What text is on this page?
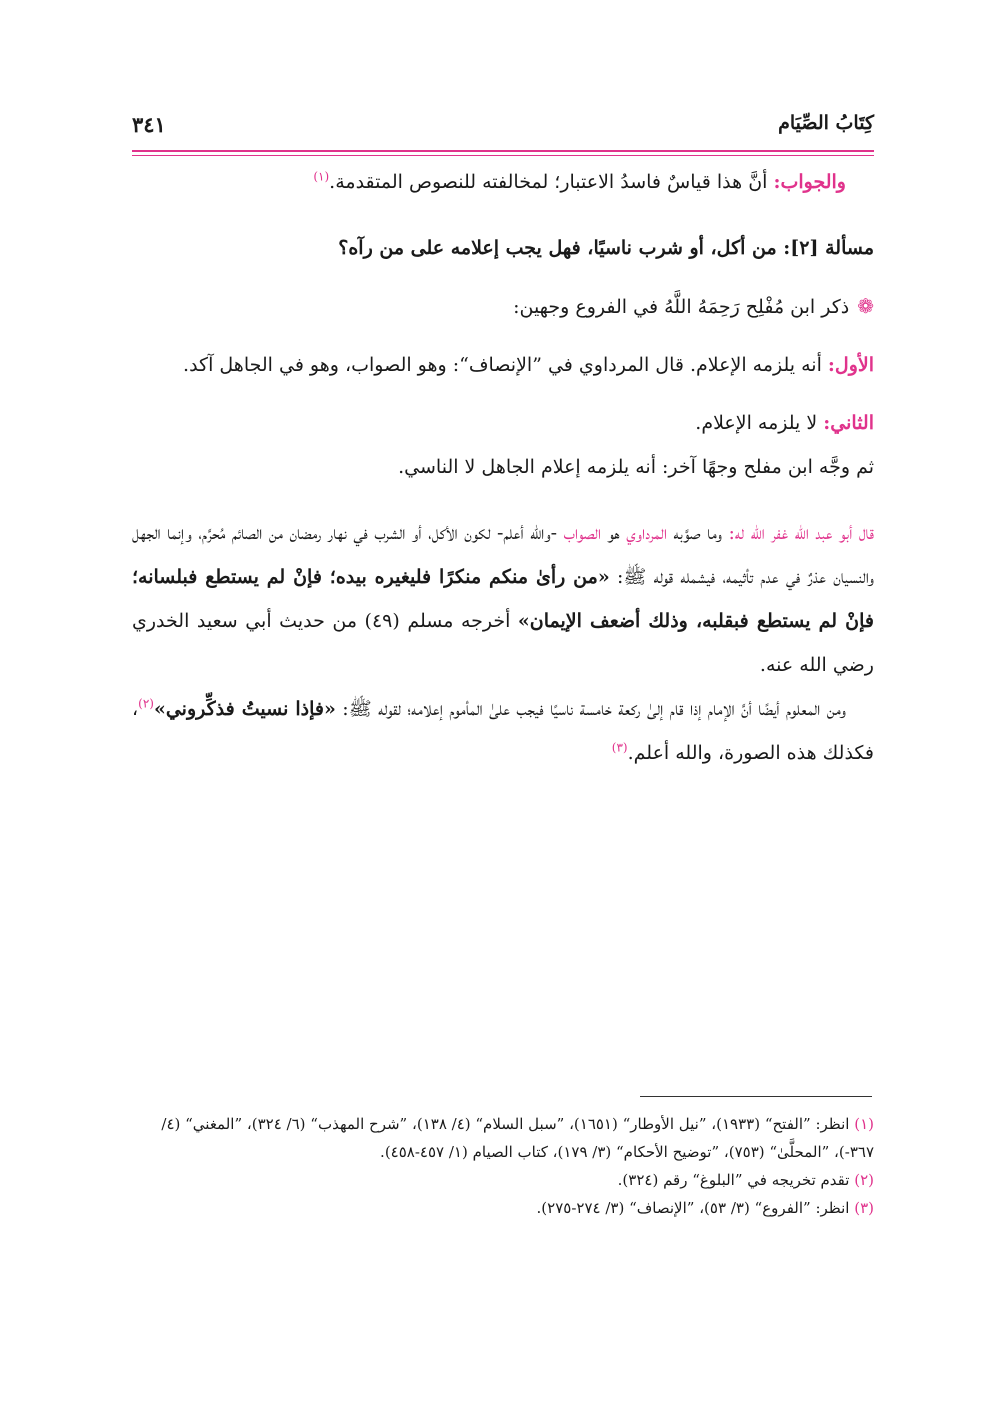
كِتَابُ الصِّيَام
٣٤١

والجواب: أنَّ هذا قياسٌ فاسدُ الاعتبار؛ لمخالفته للنصوص المتقدمة.$^{(١)}$

مسألة [٢]: من أكل، أو شرب ناسيًا، فهل يجب إعلامه على من رآه؟

❁ذكر ابن مُفْلِح رَحِمَهُ اللَّهُ في الفروع وجهين:

الأول: أنه يلزمه الإعلام. قال المرداوي في ”الإنصاف“: وهو الصواب، وهو في الجاهل آكد.

الثاني: لا يلزمه الإعلام.

ثم وجَّه ابن مفلح وجهًا آخر: أنه يلزمه إعلام الجاهل لا الناسي.

قال أبو عبد الله غفر الله له: وما صوَّبه المرداوي هو الصواب -والله أعلم- لكون الأكل، أو الشرب في نهار رمضان من الصائم مُحرَّم، وإنما الجهل والنسيان عذرٌ في عدم تأثيمه، فيشمله قوله ﷺ: «من رأىٰ منكم منكرًا فليغيره بيده؛ فإنْ لم يستطع فبلسانه؛ فإنْ لم يستطع فبقلبه، وذلك أضعف الإيمان» أخرجه مسلم (٤٩) من حديث أبي سعيد الخدري رضي الله عنه.

ومن المعلوم أيضًا أنَّ الإمام إذا قام إلىٰ ركعة خامسة ناسيًا فيجب علىٰ المأموم إعلامه؛ لقوله ﷺ: «فإذا نسيتُ فذكِّروني»$^{(٢)}$، فكذلك هذه الصورة، والله أعلم.$^{(٣)}$

(١) انظر: ”الفتح“ (١٩٣٣)، ”نيل الأوطار“ (١٦٥١)، ”سبل السلام“ (٤/ ١٣٨)، ”شرح المهذب“ (٦/ ٣٢٤)، ”المغني“ (٤/ ٣٦٧-)، ”المحلَّىٰ“ (٧٥٣)، ”توضيح الأحكام“ (٣/ ١٧٩)، كتاب الصيام (١/ ٤٥٧-٤٥٨).

(٢) تقدم تخريجه في ”البلوغ“ رقم (٣٢٤).

(٣) انظر: ”الفروع“ (٣/ ٥٣)، ”الإنصاف“ (٣/ ٢٧٤-٢٧٥).
